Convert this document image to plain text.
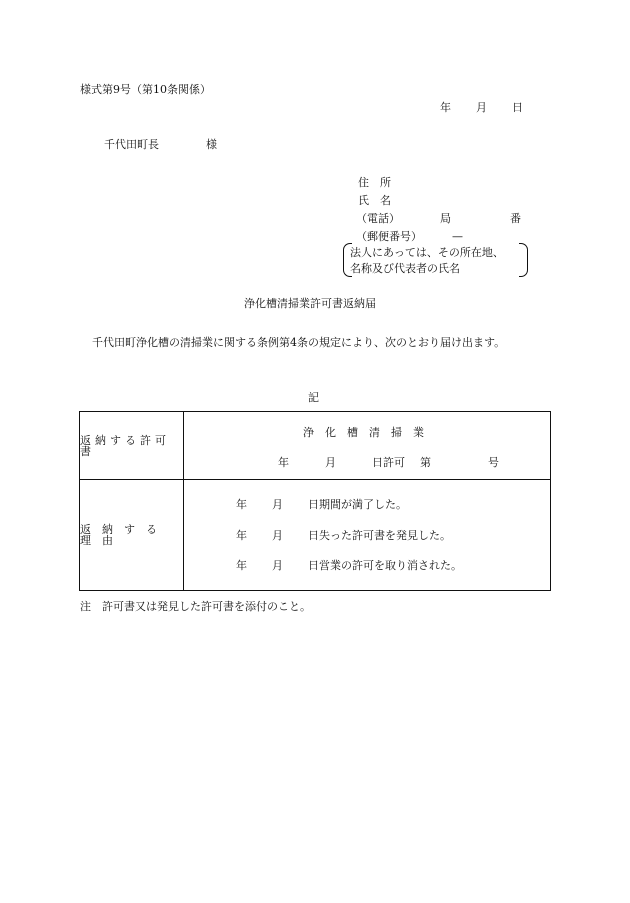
様式第9号（第10条関係）
年 月 日
千代田町長	様
住　所
氏　名
（電話）	局	番
（郵便番号）	—
法人にあっては、その所在地、
名称及び代表者の氏名
浄化槽清掃業許可書返納届
千代田町浄化槽の清掃業に関する条例第4条の規定により、次のとおり届け出ます。
記
返納する許可書
浄化槽清掃業
年	月	日許可 第	号
返納する理由
年 月 日期間が満了した。
年 月 日失った許可書を発見した。
年 月 日営業の許可を取り消された。
注　許可書又は発見した許可書を添付のこと。
